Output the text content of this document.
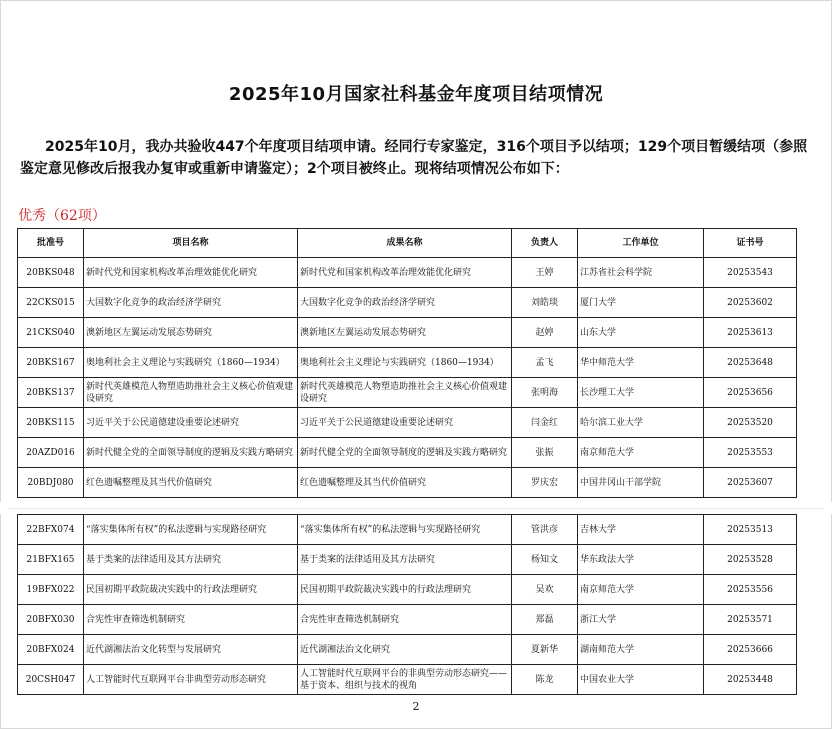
2025年10月国家社科基金年度项目结项情况

2025年10月，我办共验收447个年度项目结项申请。经同行专家鉴定，316个项目予以结项；129个项目暂缓结项（参照鉴定意见修改后报我办复审或重新申请鉴定）；2个项目被终止。现将结项情况公布如下：

优秀（62项）
批准号	项目名称	成果名称	负责人	工作单位	证书号
20BKS048	新时代党和国家机构改革治理效能优化研究	新时代党和国家机构改革治理效能优化研究	王婷	江苏省社会科学院	20253543
22CKS015	大国数字化竞争的政治经济学研究	大国数字化竞争的政治经济学研究	刘皓琰	厦门大学	20253602
21CKS040	澳新地区左翼运动发展态势研究	澳新地区左翼运动发展态势研究	赵婷	山东大学	20253613
20BKS167	奥地利社会主义理论与实践研究（1860—1934）	奥地利社会主义理论与实践研究（1860—1934）	孟飞	华中师范大学	20253648
20BKS137	新时代英雄模范人物塑造助推社会主义核心价值观建设研究	新时代英雄模范人物塑造助推社会主义核心价值观建设研究	张明海	长沙理工大学	20253656
20BKS115	习近平关于公民道德建设重要论述研究	习近平关于公民道德建设重要论述研究	闫金红	哈尔滨工业大学	20253520
20AZD016	新时代健全党的全面领导制度的逻辑及实践方略研究	新时代健全党的全面领导制度的逻辑及实践方略研究	张振	南京师范大学	20253553
20BDJ080	红色遗嘱整理及其当代价值研究	红色遗嘱整理及其当代价值研究	罗庆宏	中国井冈山干部学院	20253607
22BFX074	“落实集体所有权”的私法逻辑与实现路径研究	“落实集体所有权”的私法逻辑与实现路径研究	管洪彦	吉林大学	20253513
21BFX165	基于类案的法律适用及其方法研究	基于类案的法律适用及其方法研究	杨知文	华东政法大学	20253528
19BFX022	民国初期平政院裁决实践中的行政法理研究	民国初期平政院裁决实践中的行政法理研究	吴欢	南京师范大学	20253556
20BFX030	合宪性审查筛选机制研究	合宪性审查筛选机制研究	郑磊	浙江大学	20253571
20BFX024	近代湖湘法治文化转型与发展研究	近代湖湘法治文化研究	夏新华	湖南师范大学	20253666
20CSH047	人工智能时代互联网平台非典型劳动形态研究	人工智能时代互联网平台的非典型劳动形态研究——基于资本、组织与技术的视角	陈龙	中国农业大学	20253448
2
